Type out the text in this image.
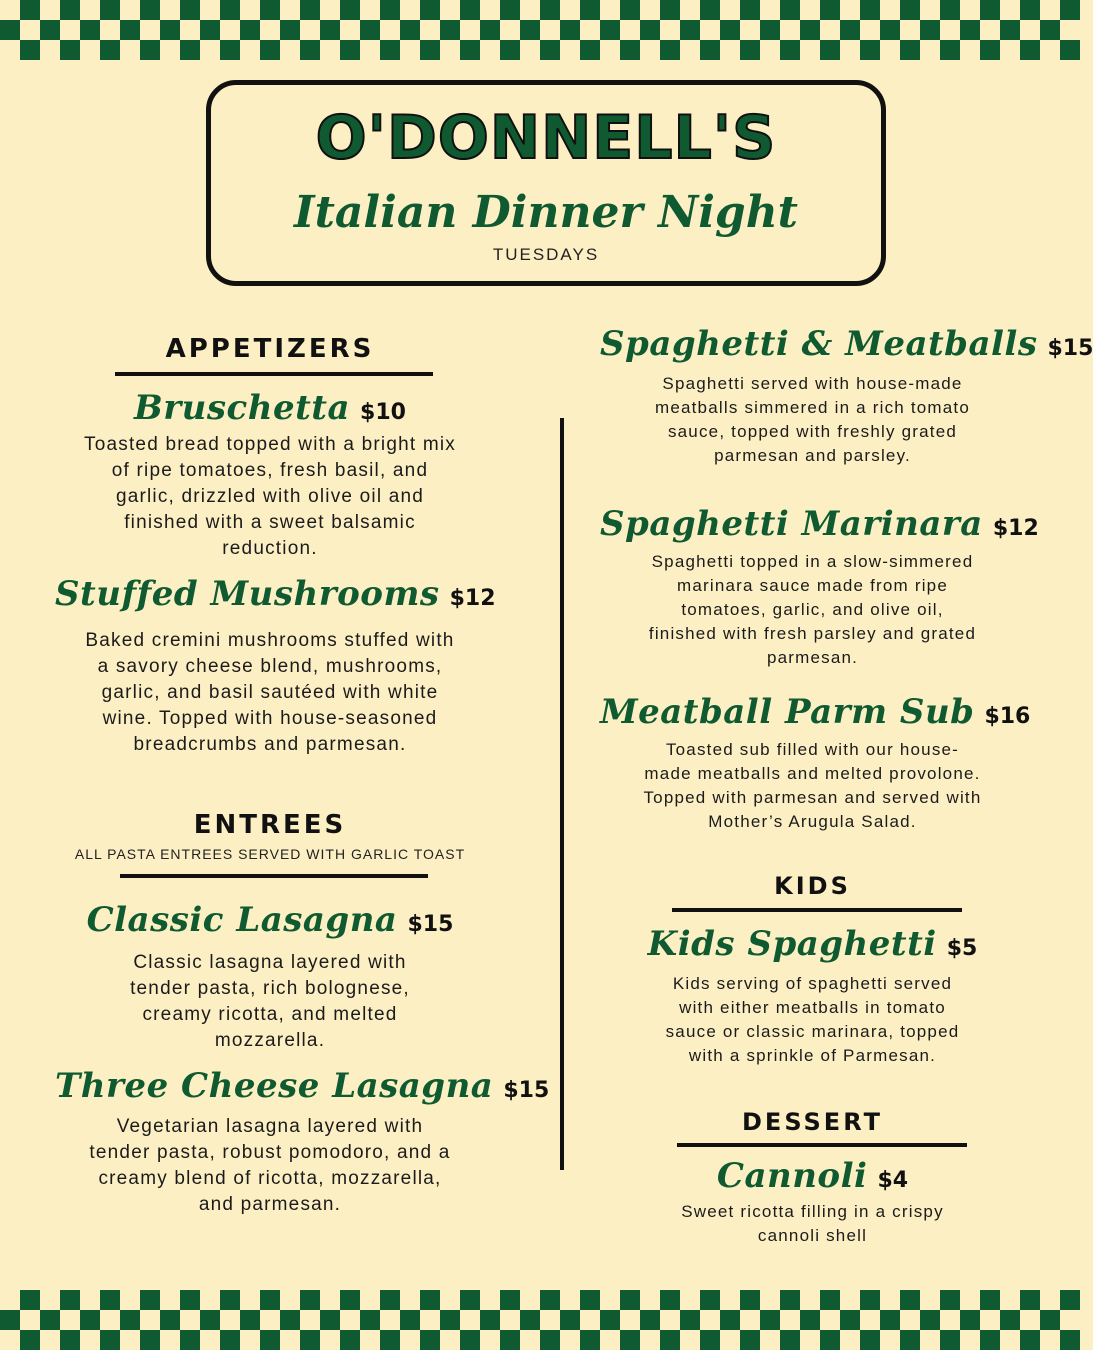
O'DONNELL'S
Italian Dinner Night
TUESDAYS
APPETIZERS
Bruschetta $10
Toasted bread topped with a bright mix of ripe tomatoes, fresh basil, and garlic, drizzled with olive oil and finished with a sweet balsamic reduction.
Stuffed Mushrooms $12
Baked cremini mushrooms stuffed with a savory cheese blend, mushrooms, garlic, and basil sautéed with white wine. Topped with house-seasoned breadcrumbs and parmesan.
ENTREES
ALL PASTA ENTREES SERVED WITH GARLIC TOAST
Classic Lasagna $15
Classic lasagna layered with tender pasta, rich bolognese, creamy ricotta, and melted mozzarella.
Three Cheese Lasagna $15
Vegetarian lasagna layered with tender pasta, robust pomodoro, and a creamy blend of ricotta, mozzarella, and parmesan.
Spaghetti & Meatballs $15
Spaghetti served with house-made meatballs simmered in a rich tomato sauce, topped with freshly grated parmesan and parsley.
Spaghetti Marinara $12
Spaghetti topped in a slow-simmered marinara sauce made from ripe tomatoes, garlic, and olive oil, finished with fresh parsley and grated parmesan.
Meatball Parm Sub $16
Toasted sub filled with our house-made meatballs and melted provolone. Topped with parmesan and served with Mother’s Arugula Salad.
KIDS
Kids Spaghetti $5
Kids serving of spaghetti served with either meatballs in tomato sauce or classic marinara, topped with a sprinkle of Parmesan.
DESSERT
Cannoli $4
Sweet ricotta filling in a crispy cannoli shell
